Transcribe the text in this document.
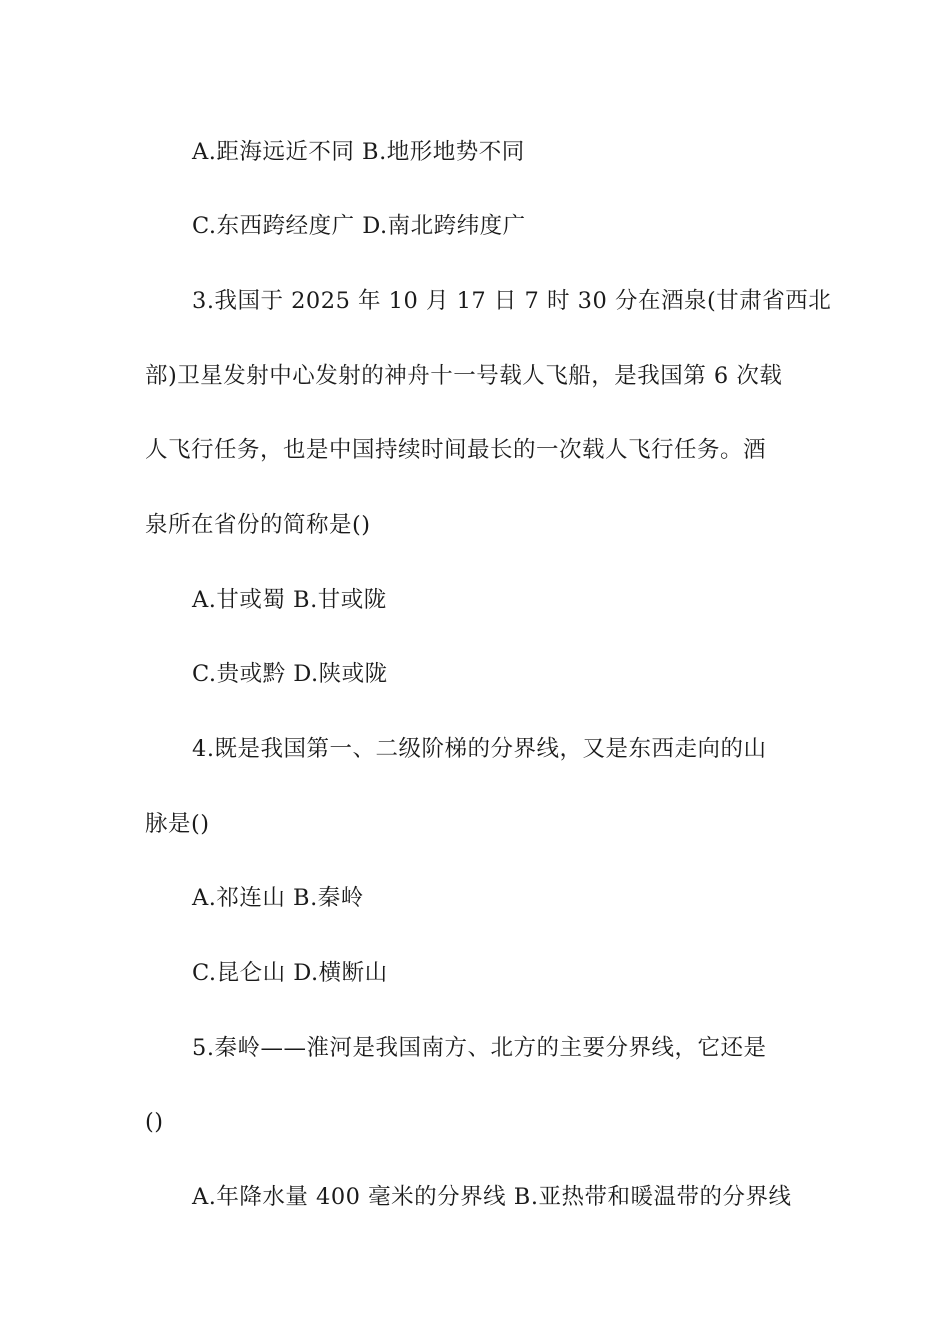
A.距海远近不同 B.地形地势不同
C.东西跨经度广 D.南北跨纬度广
3.我国于 2025 年 10 月 17 日 7 时 30 分在酒泉(甘肃省西北
部)卫星发射中心发射的神舟十一号载人飞船，是我国第 6 次载
人飞行任务，也是中国持续时间最长的一次载人飞行任务。酒
泉所在省份的简称是()
A.甘或蜀 B.甘或陇
C.贵或黔 D.陕或陇
4.既是我国第一、二级阶梯的分界线，又是东西走向的山
脉是()
A.祁连山 B.秦岭
C.昆仑山 D.横断山
5.秦岭——淮河是我国南方、北方的主要分界线，它还是
()
A.年降水量 400 毫米的分界线 B.亚热带和暖温带的分界线
